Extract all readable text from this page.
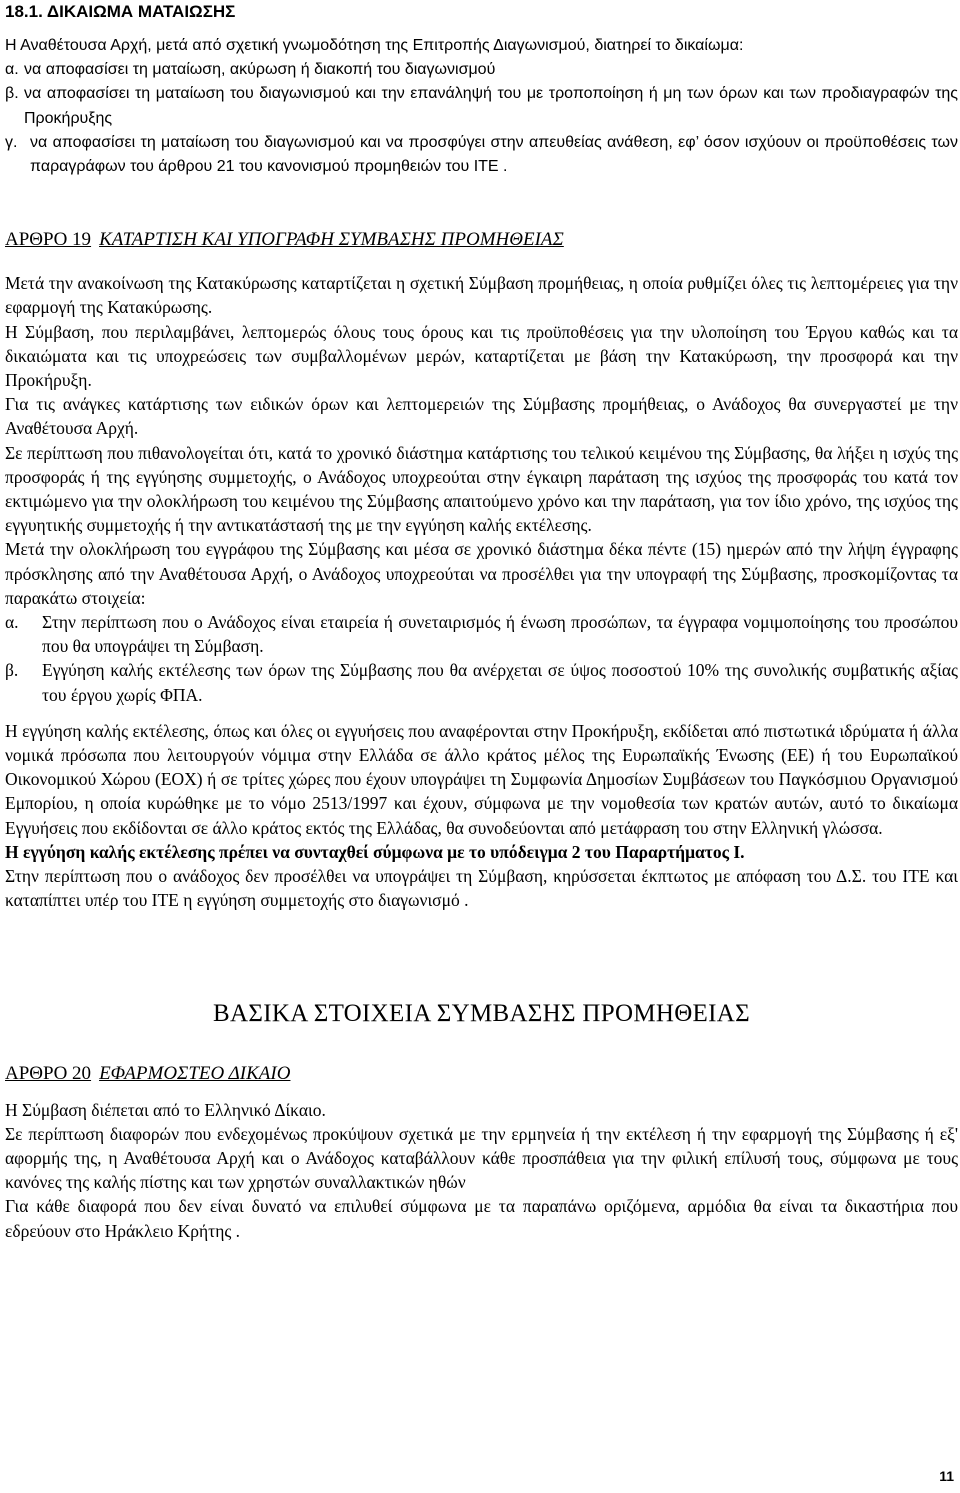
18.1. ΔΙΚΑΙΩΜΑ ΜΑΤΑΙΩΣΗΣ

Η Αναθέτουσα Αρχή, μετά από σχετική γνωμοδότηση της Επιτροπής Διαγωνισμού, διατηρεί το δικαίωμα:

α. να αποφασίσει τη ματαίωση, ακύρωση ή διακοπή του διαγωνισμού
β. να αποφασίσει τη ματαίωση του διαγωνισμού και την επανάληψή του με τροποποίηση ή μη των όρων και των προδιαγραφών της Προκήρυξης
γ. να αποφασίσει τη ματαίωση του διαγωνισμού και να προσφύγει στην απευθείας ανάθεση, εφ’ όσον ισχύουν οι προϋποθέσεις των παραγράφων του άρθρου 21 του κανονισμού προμηθειών του ΙΤΕ .
ΑΡΘΡΟ 19 ΚΑΤΑΡΤΙΣΗ ΚΑΙ ΥΠΟΓΡΑΦΗ ΣΥΜΒΑΣΗΣ ΠΡΟΜΗΘΕΙΑΣ

Μετά την ανακοίνωση της Κατακύρωσης καταρτίζεται η σχετική Σύμβαση προμήθειας, η οποία ρυθμίζει όλες τις λεπτομέρειες για την εφαρμογή της Κατακύρωσης.

Η Σύμβαση, που περιλαμβάνει, λεπτομερώς όλους τους όρους και τις προϋποθέσεις για την υλοποίηση του Έργου καθώς και τα δικαιώματα και τις υποχρεώσεις των συμβαλλομένων μερών, καταρτίζεται με βάση την Κατακύρωση, την προσφορά και την Προκήρυξη.

Για τις ανάγκες κατάρτισης των ειδικών όρων και λεπτομερειών της Σύμβασης προμήθειας, ο Ανάδοχος θα συνεργαστεί με την Αναθέτουσα Αρχή.

Σε περίπτωση που πιθανολογείται ότι, κατά το χρονικό διάστημα κατάρτισης του τελικού κειμένου της Σύμβασης, θα λήξει η ισχύς της προσφοράς ή της εγγύησης συμμετοχής, ο Ανάδοχος υποχρεούται στην έγκαιρη παράταση της ισχύος της προσφοράς του κατά τον εκτιμώμενο για την ολοκλήρωση του κειμένου της Σύμβασης απαιτούμενο χρόνο και την παράταση, για τον ίδιο χρόνο, της ισχύος της εγγυητικής συμμετοχής ή την αντικατάστασή της με την εγγύηση καλής εκτέλεσης.

Μετά την ολοκλήρωση του εγγράφου της Σύμβασης και μέσα σε χρονικό διάστημα δέκα πέντε (15) ημερών από την λήψη έγγραφης πρόσκλησης από την Αναθέτουσα Αρχή, ο Ανάδοχος υποχρεούται να προσέλθει για την υπογραφή της Σύμβασης, προσκομίζοντας τα παρακάτω στοιχεία:

α.	Στην περίπτωση που ο Ανάδοχος είναι εταιρεία ή συνεταιρισμός ή ένωση προσώπων, τα έγγραφα νομιμοποίησης του προσώπου που θα υπογράψει τη Σύμβαση.
β.	Εγγύηση καλής εκτέλεσης των όρων της Σύμβασης που θα ανέρχεται σε ύψος ποσοστού 10% της συνολικής συμβατικής αξίας του έργου χωρίς ΦΠΑ.

Η εγγύηση καλής εκτέλεσης, όπως και όλες οι εγγυήσεις που αναφέρονται στην Προκήρυξη, εκδίδεται από πιστωτικά ιδρύματα ή άλλα νομικά πρόσωπα που λειτουργούν νόμιμα στην Ελλάδα σε άλλο κράτος μέλος της Ευρωπαϊκής Ένωσης (ΕΕ) ή του Ευρωπαϊκού Οικονομικού Χώρου (ΕΟΧ) ή σε τρίτες χώρες που έχουν υπογράψει τη Συμφωνία Δημοσίων Συμβάσεων του Παγκόσμιου Οργανισμού Εμπορίου, η οποία κυρώθηκε με το νόμο 2513/1997 και έχουν, σύμφωνα με την νομοθεσία των κρατών αυτών, αυτό το δικαίωμα Εγγυήσεις που εκδίδονται σε άλλο κράτος εκτός της Ελλάδας, θα συνοδεύονται από μετάφραση του στην Ελληνική γλώσσα.

Η εγγύηση καλής εκτέλεσης πρέπει να συνταχθεί σύμφωνα με το υπόδειγμα 2 του Παραρτήματος Ι.

Στην περίπτωση που ο ανάδοχος δεν προσέλθει να υπογράψει τη Σύμβαση, κηρύσσεται έκπτωτος με απόφαση του Δ.Σ. του ΙΤΕ και καταπίπτει υπέρ του ΙΤΕ η εγγύηση συμμετοχής στο διαγωνισμό .

ΒΑΣΙΚΑ ΣΤΟΙΧΕΙΑ ΣΥΜΒΑΣΗΣ ΠΡΟΜΗΘΕΙΑΣ
ΑΡΘΡΟ 20 ΕΦΑΡΜΟΣΤΕΟ ΔΙΚΑΙΟ

Η Σύμβαση διέπεται από το Ελληνικό Δίκαιο.

Σε περίπτωση διαφορών που ενδεχομένως προκύψουν σχετικά με την ερμηνεία ή την εκτέλεση ή την εφαρμογή της Σύμβασης ή εξ' αφορμής της, η Αναθέτουσα Αρχή και ο Ανάδοχος καταβάλλουν κάθε προσπάθεια για την φιλική επίλυσή τους, σύμφωνα με τους κανόνες της καλής πίστης και των χρηστών συναλλακτικών ηθών

Για κάθε διαφορά που δεν είναι δυνατό να επιλυθεί σύμφωνα με τα παραπάνω οριζόμενα, αρμόδια θα είναι τα δικαστήρια που εδρεύουν στο Ηράκλειο Κρήτης .

11
